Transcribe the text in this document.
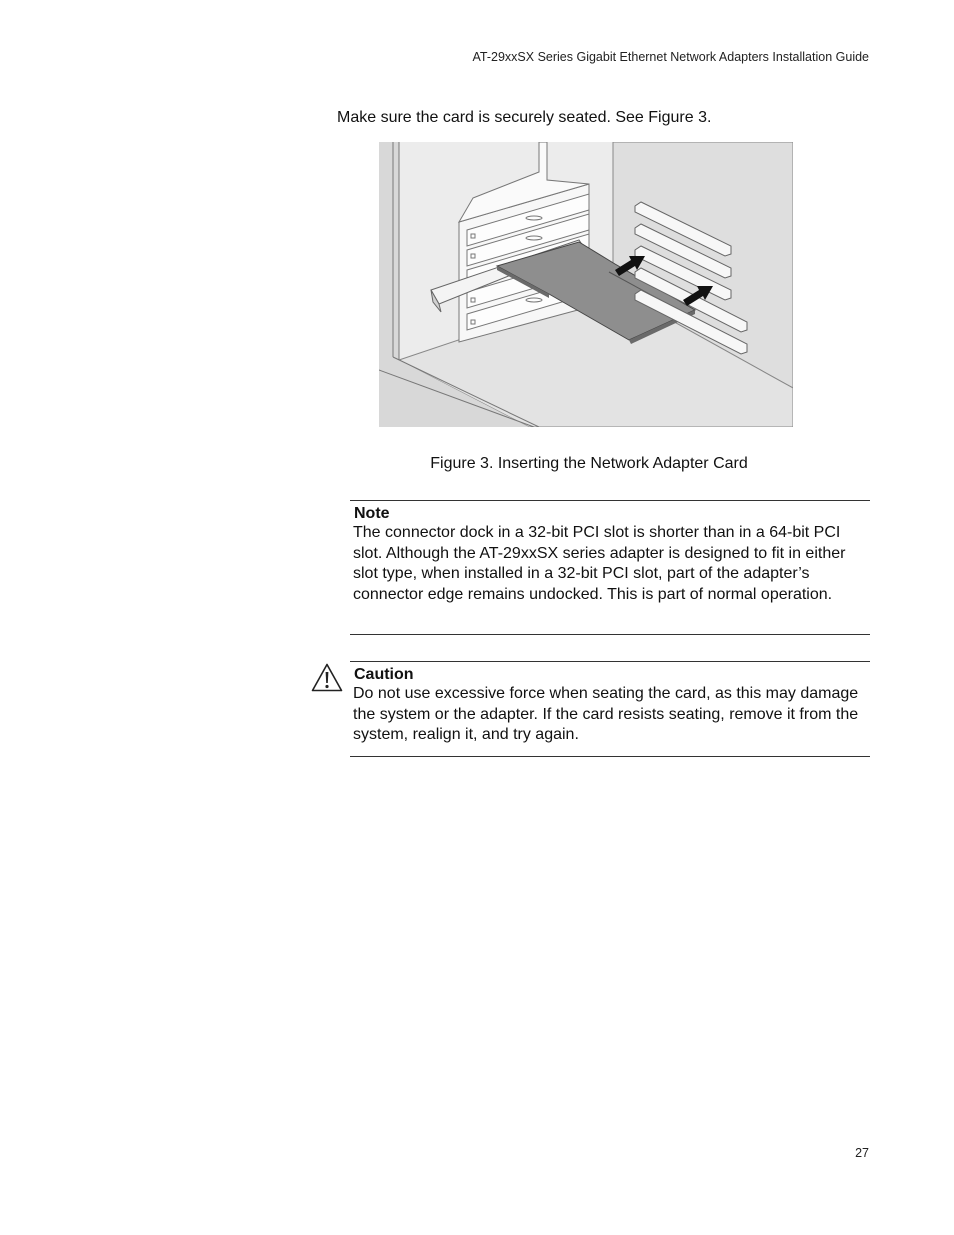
AT-29xxSX Series Gigabit Ethernet Network Adapters Installation Guide
Make sure the card is securely seated. See Figure 3.
Figure 3. Inserting the Network Adapter Card
Note
The connector dock in a 32-bit PCI slot is shorter than in a 64-bit PCI slot. Although the AT-29xxSX series adapter is designed to fit in either slot type, when installed in a 32-bit PCI slot, part of the adapter’s connector edge remains undocked. This is part of normal operation.
Caution
Do not use excessive force when seating the card, as this may damage the system or the adapter. If the card resists seating, remove it from the system, realign it, and try again.
27
